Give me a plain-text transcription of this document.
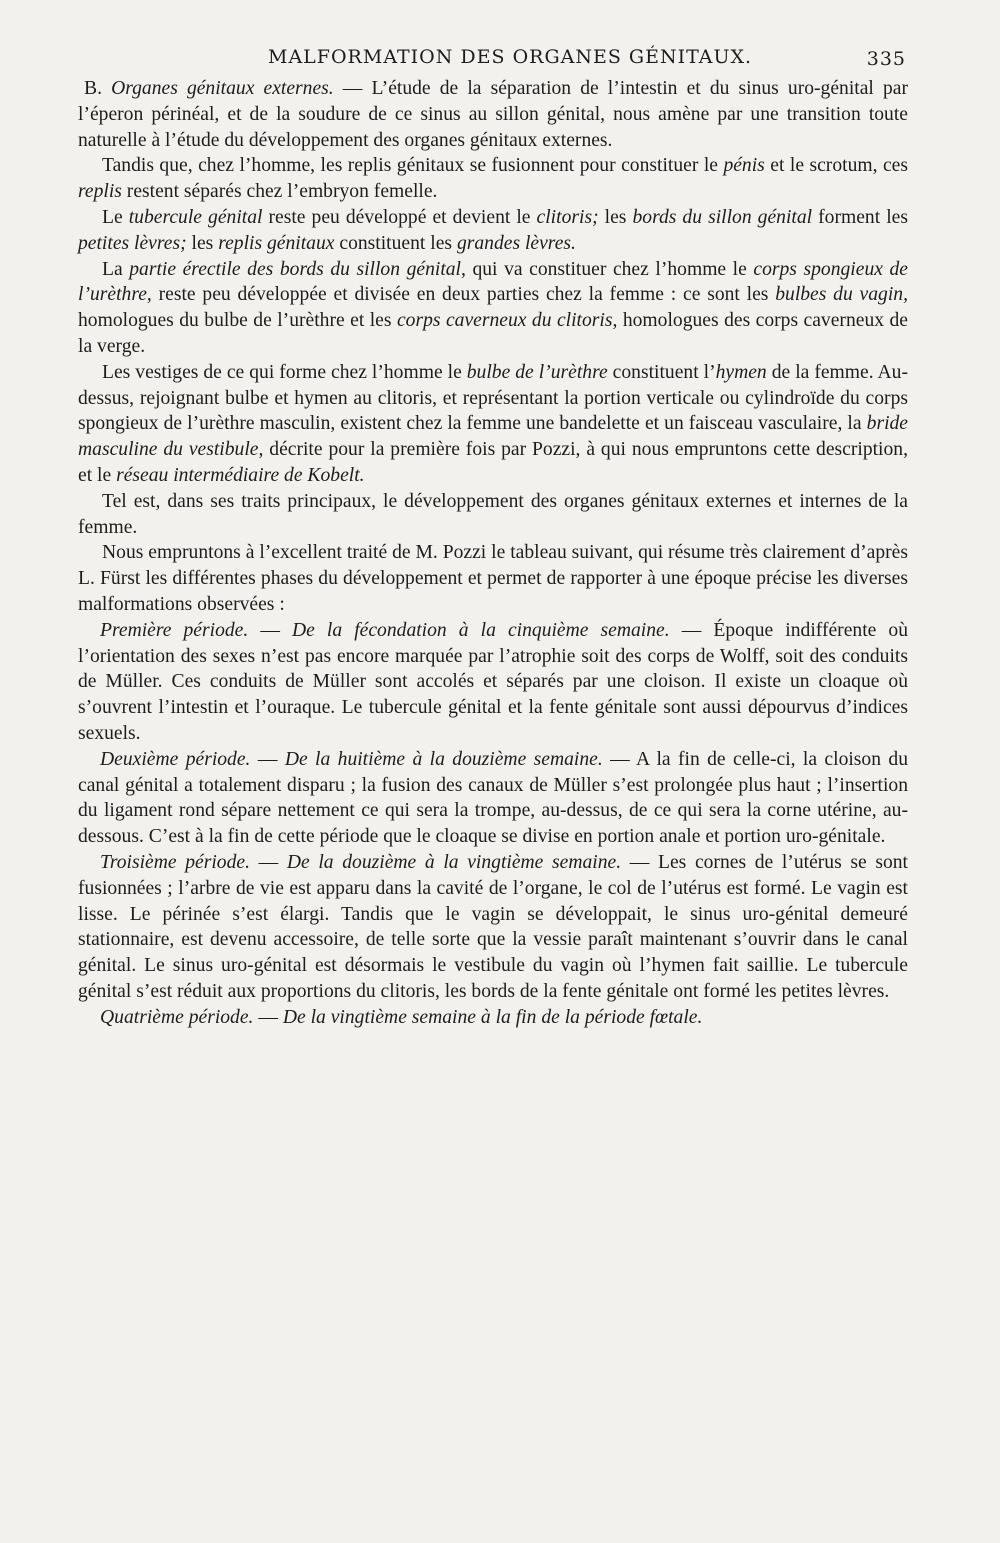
MALFORMATION DES ORGANES GÉNITAUX.	335

B. Organes génitaux externes. — L’étude de la séparation de l’intestin et du sinus uro-génital par l’éperon périnéal, et de la soudure de ce sinus au sillon génital, nous amène par une transition toute naturelle à l’étude du développement des organes génitaux externes.

Tandis que, chez l’homme, les replis génitaux se fusionnent pour constituer le pénis et le scrotum, ces replis restent séparés chez l’embryon femelle.

Le tubercule génital reste peu développé et devient le clitoris; les bords du sillon génital forment les petites lèvres; les replis génitaux constituent les grandes lèvres.

La partie érectile des bords du sillon génital, qui va constituer chez l’homme le corps spongieux de l’urèthre, reste peu développée et divisée en deux parties chez la femme : ce sont les bulbes du vagin, homologues du bulbe de l’urèthre et les corps caverneux du clitoris, homologues des corps caverneux de la verge.

Les vestiges de ce qui forme chez l’homme le bulbe de l’urèthre constituent l’hymen de la femme. Au-dessus, rejoignant bulbe et hymen au clitoris, et représentant la portion verticale ou cylindroïde du corps spongieux de l’urèthre masculin, existent chez la femme une bandelette et un faisceau vasculaire, la bride masculine du vestibule, décrite pour la première fois par Pozzi, à qui nous empruntons cette description, et le réseau intermédiaire de Kobelt.

Tel est, dans ses traits principaux, le développement des organes génitaux externes et internes de la femme.

Nous empruntons à l’excellent traité de M. Pozzi le tableau suivant, qui résume très clairement d’après L. Fürst les différentes phases du développement et permet de rapporter à une époque précise les diverses malformations observées :

Première période. — De la fécondation à la cinquième semaine. — Époque indifférente où l’orientation des sexes n’est pas encore marquée par l’atrophie soit des corps de Wolff, soit des conduits de Müller. Ces conduits de Müller sont accolés et séparés par une cloison. Il existe un cloaque où s’ouvrent l’intestin et l’ouraque. Le tubercule génital et la fente génitale sont aussi dépourvus d’indices sexuels.

Deuxième période. — De la huitième à la douzième semaine. — A la fin de celle-ci, la cloison du canal génital a totalement disparu ; la fusion des canaux de Müller s’est prolongée plus haut ; l’insertion du ligament rond sépare nettement ce qui sera la trompe, au-dessus, de ce qui sera la corne utérine, au-dessous. C’est à la fin de cette période que le cloaque se divise en portion anale et portion uro-génitale.

Troisième période. — De la douzième à la vingtième semaine. — Les cornes de l’utérus se sont fusionnées ; l’arbre de vie est apparu dans la cavité de l’organe, le col de l’utérus est formé. Le vagin est lisse. Le périnée s’est élargi. Tandis que le vagin se développait, le sinus uro-génital demeuré stationnaire, est devenu accessoire, de telle sorte que la vessie paraît maintenant s’ouvrir dans le canal génital. Le sinus uro-génital est désormais le vestibule du vagin où l’hymen fait saillie. Le tubercule génital s’est réduit aux proportions du clitoris, les bords de la fente génitale ont formé les petites lèvres.

Quatrième période. — De la vingtième semaine à la fin de la période fœtale.
